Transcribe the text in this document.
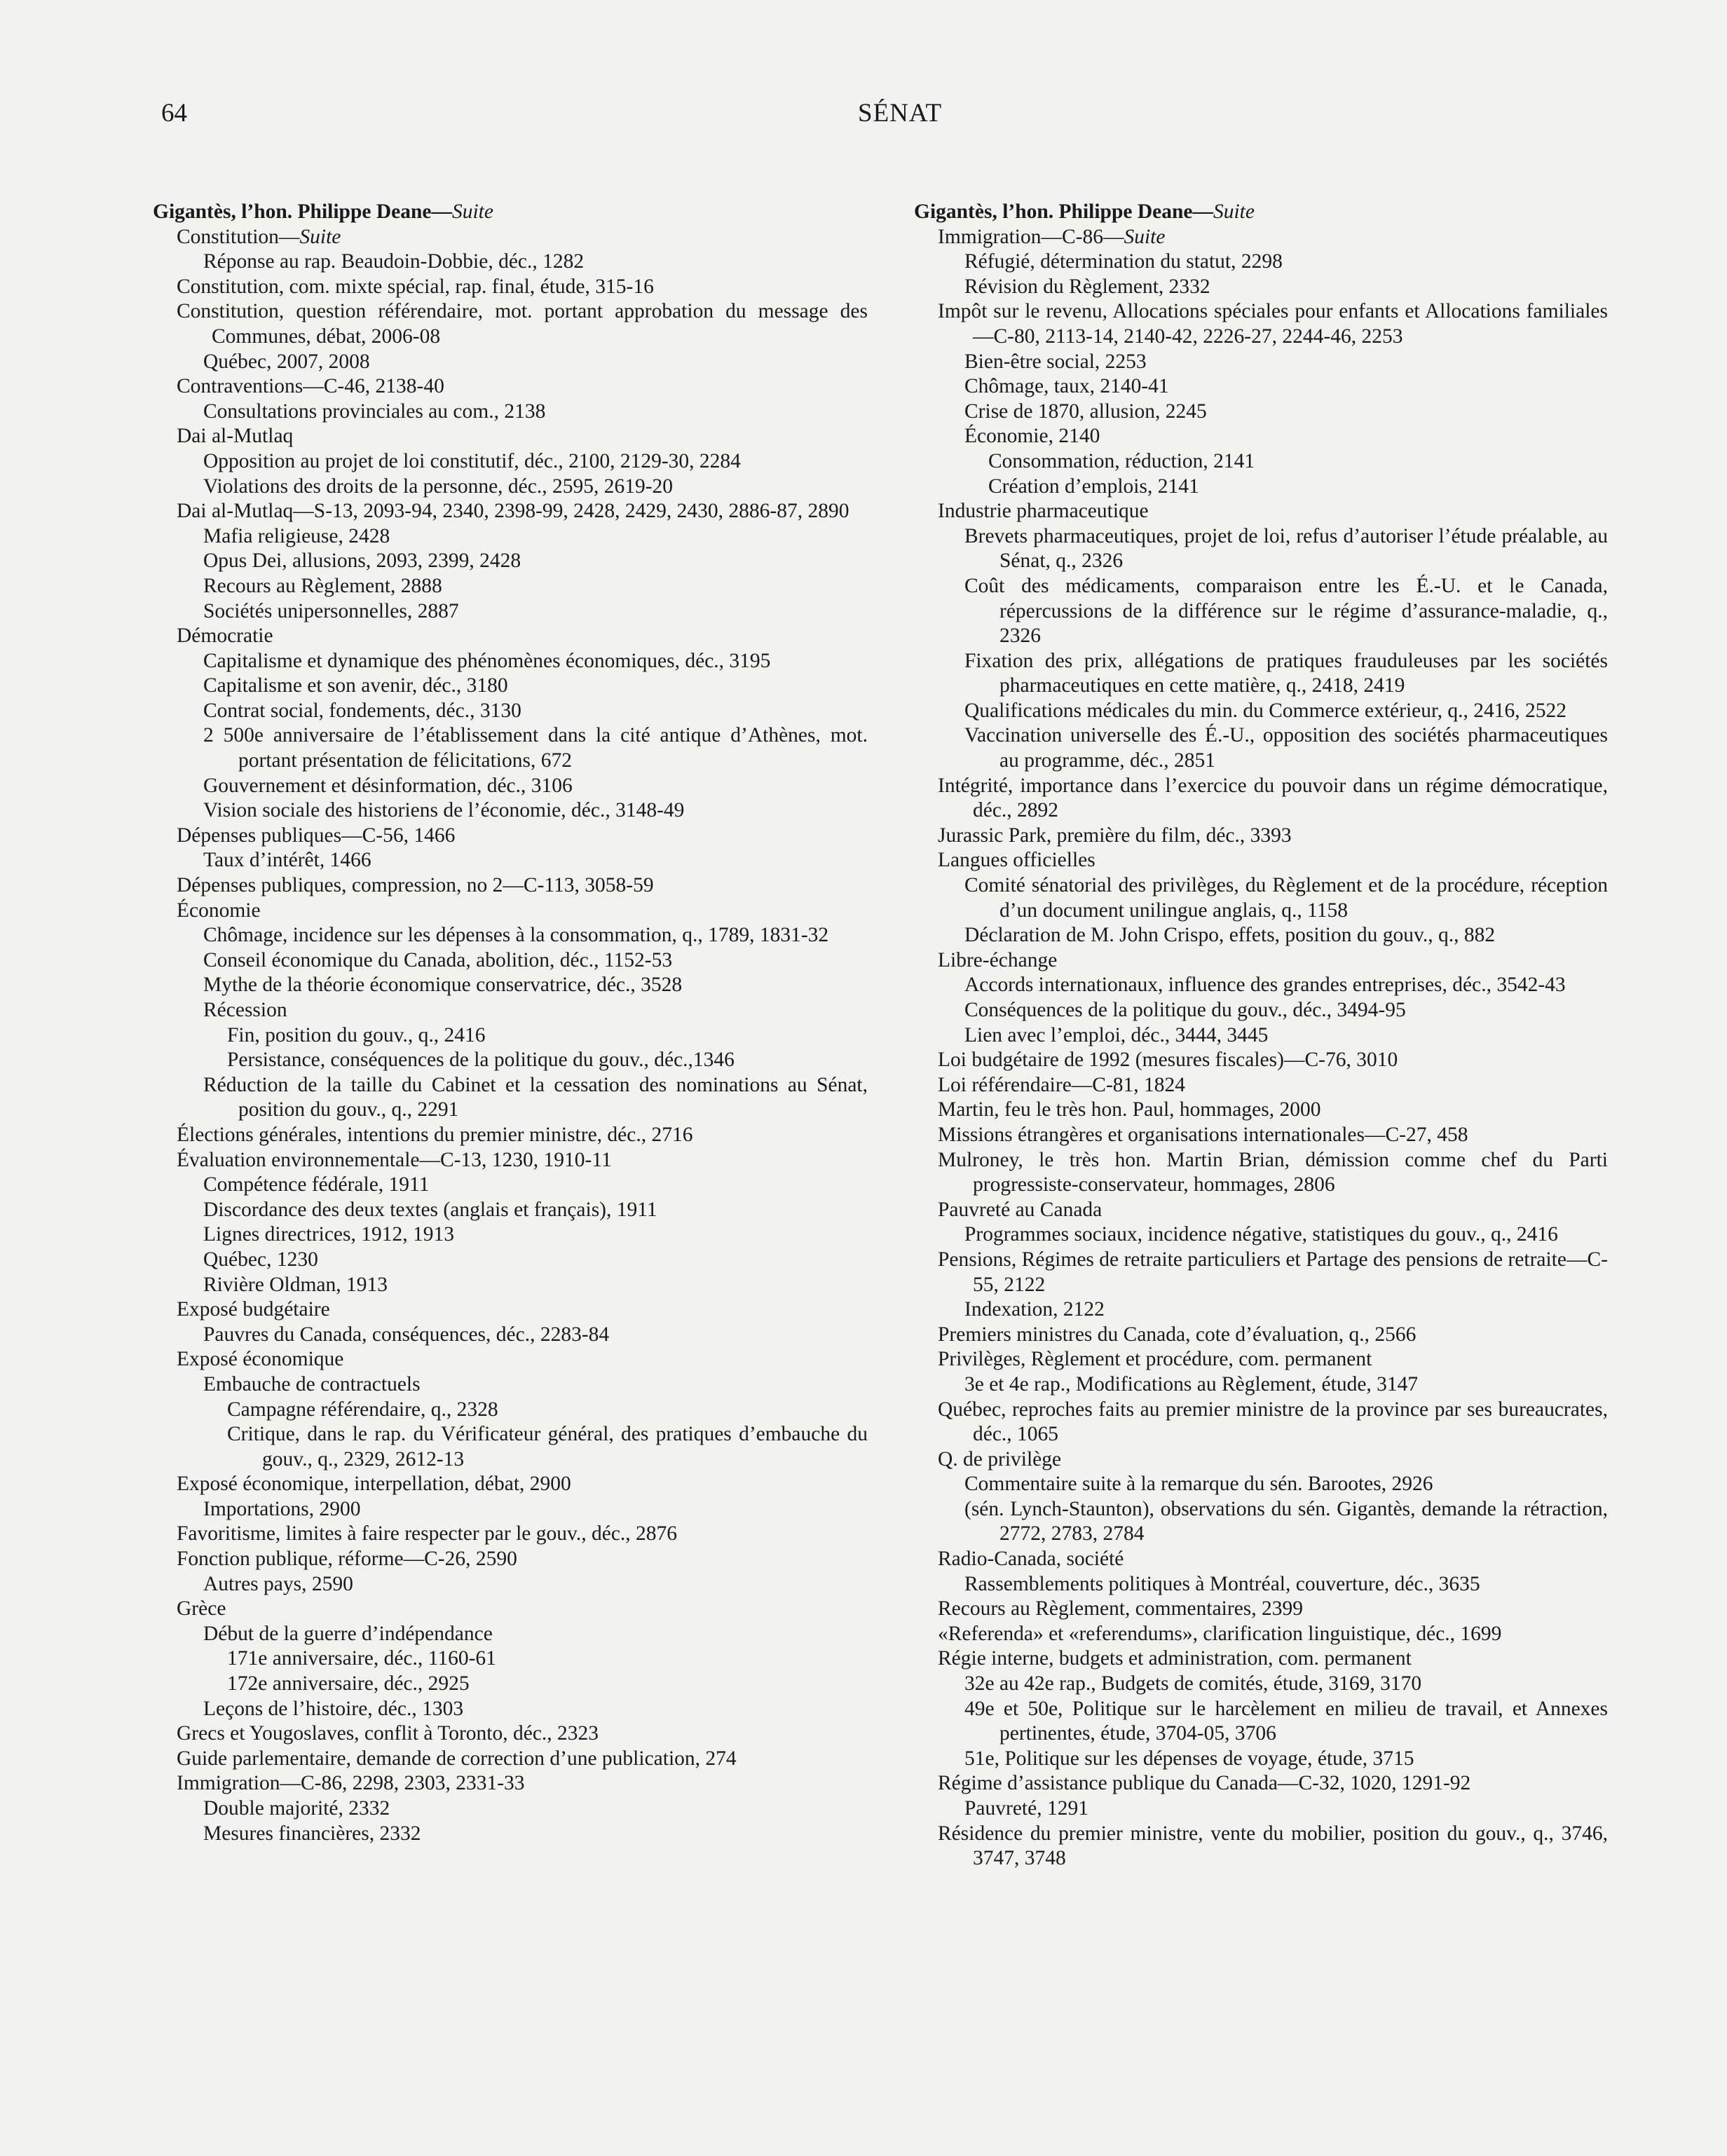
64	SÉNAT
Gigantès, l’hon. Philippe Deane—Suite
Constitution—Suite
Réponse au rap. Beaudoin-Dobbie, déc., 1282
Constitution, com. mixte spécial, rap. final, étude, 315-16
Constitution, question référendaire, mot. portant approbation du message des Communes, débat, 2006-08
Québec, 2007, 2008
Contraventions—C-46, 2138-40
Consultations provinciales au com., 2138
Dai al-Mutlaq
Opposition au projet de loi constitutif, déc., 2100, 2129-30, 2284
Violations des droits de la personne, déc., 2595, 2619-20
Dai al-Mutlaq—S-13, 2093-94, 2340, 2398-99, 2428, 2429, 2430, 2886-87, 2890
Mafia religieuse, 2428
Opus Dei, allusions, 2093, 2399, 2428
Recours au Règlement, 2888
Sociétés unipersonnelles, 2887
Démocratie
Capitalisme et dynamique des phénomènes économiques, déc., 3195
Capitalisme et son avenir, déc., 3180
Contrat social, fondements, déc., 3130
2 500e anniversaire de l’établissement dans la cité antique d’Athènes, mot. portant présentation de félicitations, 672
Gouvernement et désinformation, déc., 3106
Vision sociale des historiens de l’économie, déc., 3148-49
Dépenses publiques—C-56, 1466
Taux d’intérêt, 1466
Dépenses publiques, compression, no 2—C-113, 3058-59
Économie
Chômage, incidence sur les dépenses à la consommation, q., 1789, 1831-32
Conseil économique du Canada, abolition, déc., 1152-53
Mythe de la théorie économique conservatrice, déc., 3528
Récession
Fin, position du gouv., q., 2416
Persistance, conséquences de la politique du gouv., déc.,1346
Réduction de la taille du Cabinet et la cessation des nominations au Sénat, position du gouv., q., 2291
Élections générales, intentions du premier ministre, déc., 2716
Évaluation environnementale—C-13, 1230, 1910-11
Compétence fédérale, 1911
Discordance des deux textes (anglais et français), 1911
Lignes directrices, 1912, 1913
Québec, 1230
Rivière Oldman, 1913
Exposé budgétaire
Pauvres du Canada, conséquences, déc., 2283-84
Exposé économique
Embauche de contractuels
Campagne référendaire, q., 2328
Critique, dans le rap. du Vérificateur général, des pratiques d’embauche du gouv., q., 2329, 2612-13
Exposé économique, interpellation, débat, 2900
Importations, 2900
Favoritisme, limites à faire respecter par le gouv., déc., 2876
Fonction publique, réforme—C-26, 2590
Autres pays, 2590
Grèce
Début de la guerre d’indépendance
171e anniversaire, déc., 1160-61
172e anniversaire, déc., 2925
Leçons de l’histoire, déc., 1303
Grecs et Yougoslaves, conflit à Toronto, déc., 2323
Guide parlementaire, demande de correction d’une publication, 274
Immigration—C-86, 2298, 2303, 2331-33
Double majorité, 2332
Mesures financières, 2332
Gigantès, l’hon. Philippe Deane—Suite
Immigration—C-86—Suite
Réfugié, détermination du statut, 2298
Révision du Règlement, 2332
Impôt sur le revenu, Allocations spéciales pour enfants et Allocations familiales—C-80, 2113-14, 2140-42, 2226-27, 2244-46, 2253
Bien-être social, 2253
Chômage, taux, 2140-41
Crise de 1870, allusion, 2245
Économie, 2140
Consommation, réduction, 2141
Création d’emplois, 2141
Industrie pharmaceutique
Brevets pharmaceutiques, projet de loi, refus d’autoriser l’étude préalable, au Sénat, q., 2326
Coût des médicaments, comparaison entre les É.-U. et le Canada, répercussions de la différence sur le régime d’assurance-maladie, q., 2326
Fixation des prix, allégations de pratiques frauduleuses par les sociétés pharmaceutiques en cette matière, q., 2418, 2419
Qualifications médicales du min. du Commerce extérieur, q., 2416, 2522
Vaccination universelle des É.-U., opposition des sociétés pharmaceutiques au programme, déc., 2851
Intégrité, importance dans l’exercice du pouvoir dans un régime démocratique, déc., 2892
Jurassic Park, première du film, déc., 3393
Langues officielles
Comité sénatorial des privilèges, du Règlement et de la procédure, réception d’un document unilingue anglais, q., 1158
Déclaration de M. John Crispo, effets, position du gouv., q., 882
Libre-échange
Accords internationaux, influence des grandes entreprises, déc., 3542-43
Conséquences de la politique du gouv., déc., 3494-95
Lien avec l’emploi, déc., 3444, 3445
Loi budgétaire de 1992 (mesures fiscales)—C-76, 3010
Loi référendaire—C-81, 1824
Martin, feu le très hon. Paul, hommages, 2000
Missions étrangères et organisations internationales—C-27, 458
Mulroney, le très hon. Martin Brian, démission comme chef du Parti progressiste-conservateur, hommages, 2806
Pauvreté au Canada
Programmes sociaux, incidence négative, statistiques du gouv., q., 2416
Pensions, Régimes de retraite particuliers et Partage des pensions de retraite—C-55, 2122
Indexation, 2122
Premiers ministres du Canada, cote d’évaluation, q., 2566
Privilèges, Règlement et procédure, com. permanent
3e et 4e rap., Modifications au Règlement, étude, 3147
Québec, reproches faits au premier ministre de la province par ses bureaucrates, déc., 1065
Q. de privilège
Commentaire suite à la remarque du sén. Barootes, 2926
(sén. Lynch-Staunton), observations du sén. Gigantès, demande la rétraction, 2772, 2783, 2784
Radio-Canada, société
Rassemblements politiques à Montréal, couverture, déc., 3635
Recours au Règlement, commentaires, 2399
«Referenda» et «referendums», clarification linguistique, déc., 1699
Régie interne, budgets et administration, com. permanent
32e au 42e rap., Budgets de comités, étude, 3169, 3170
49e et 50e, Politique sur le harcèlement en milieu de travail, et Annexes pertinentes, étude, 3704-05, 3706
51e, Politique sur les dépenses de voyage, étude, 3715
Régime d’assistance publique du Canada—C-32, 1020, 1291-92
Pauvreté, 1291
Résidence du premier ministre, vente du mobilier, position du gouv., q., 3746, 3747, 3748
